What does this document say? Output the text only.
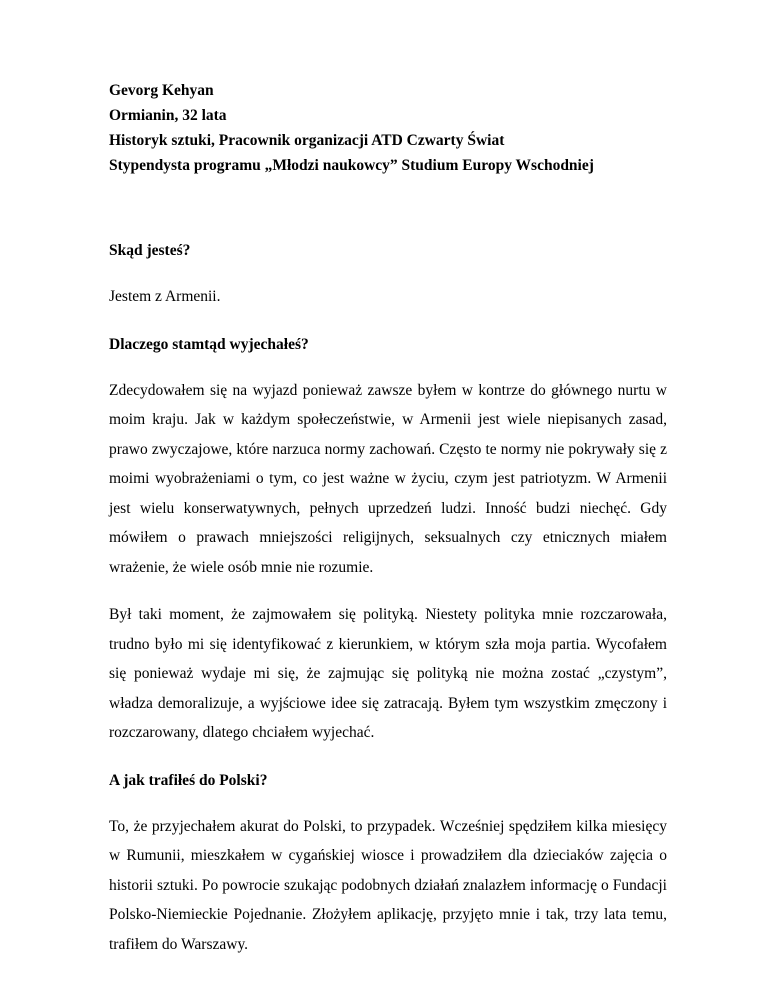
Gevorg Kehyan
Ormianin, 32 lata
Historyk sztuki, Pracownik organizacji ATD Czwarty Świat
Stypendysta programu „Młodzi naukowcy” Studium Europy Wschodniej

Skąd jesteś?

Jestem z Armenii.

Dlaczego stamtąd wyjechałeś?

Zdecydowałem się na wyjazd ponieważ zawsze byłem w kontrze do głównego nurtu w moim kraju. Jak w każdym społeczeństwie, w Armenii jest wiele niepisanych zasad, prawo zwyczajowe, które narzuca normy zachowań. Często te normy nie pokrywały się z moimi wyobrażeniami o tym, co jest ważne w życiu, czym jest patriotyzm. W Armenii jest wielu konserwatywnych, pełnych uprzedzeń ludzi. Inność budzi niechęć. Gdy mówiłem o prawach mniejszości religijnych, seksualnych czy etnicznych miałem wrażenie, że wiele osób mnie nie rozumie.

Był taki moment, że zajmowałem się polityką. Niestety polityka mnie rozczarowała, trudno było mi się identyfikować z kierunkiem, w którym szła moja partia. Wycofałem się ponieważ wydaje mi się, że zajmując się polityką nie można zostać „czystym”, władza demoralizuje, a wyjściowe idee się zatracają. Byłem tym wszystkim zmęczony i rozczarowany, dlatego chciałem wyjechać.

A jak trafiłeś do Polski?

To, że przyjechałem akurat do Polski, to przypadek. Wcześniej spędziłem kilka miesięcy w Rumunii, mieszkałem w cygańskiej wiosce i prowadziłem dla dzieciaków zajęcia o historii sztuki. Po powrocie szukając podobnych działań znalazłem informację o Fundacji Polsko-Niemieckie Pojednanie. Złożyłem aplikację, przyjęto mnie i tak, trzy lata temu, trafiłem do Warszawy.
